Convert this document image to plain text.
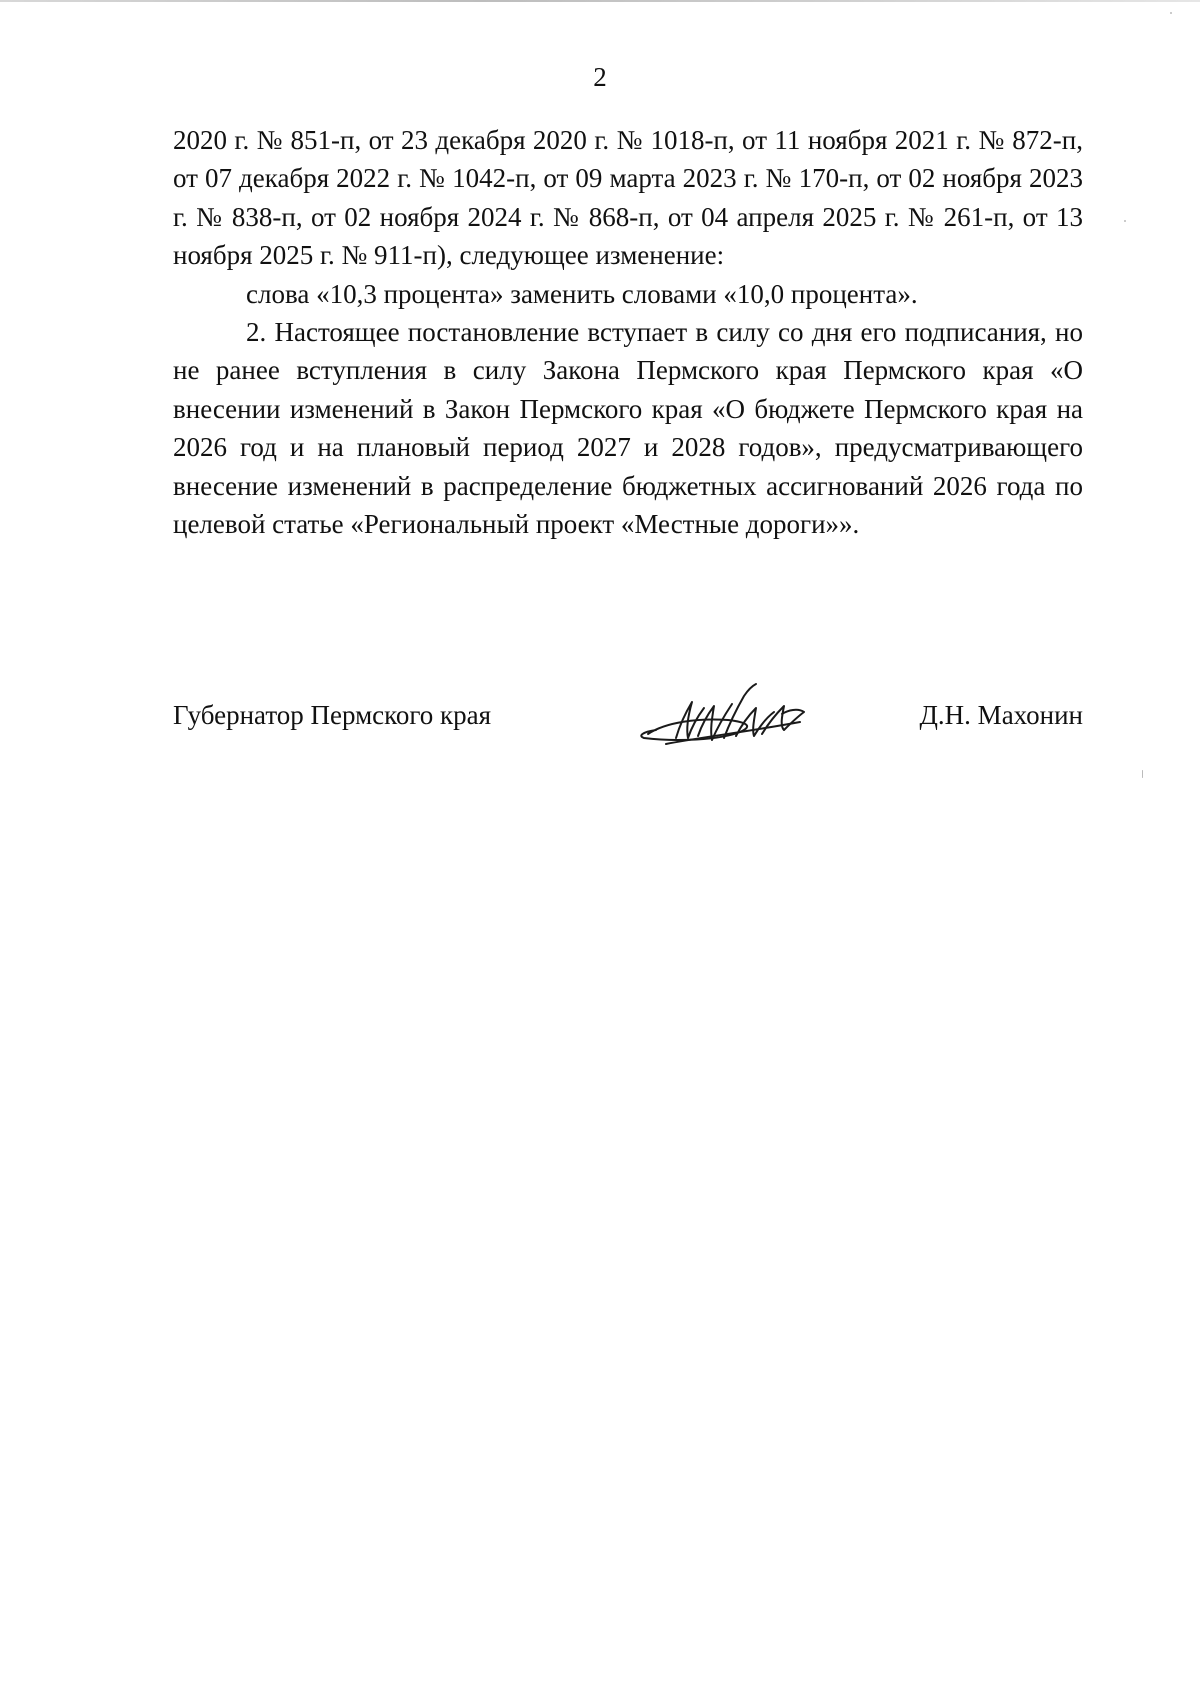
2

2020 г. № 851-п, от 23 декабря 2020 г. № 1018-п, от 11 ноября 2021 г. № 872-п, от 07 декабря 2022 г. № 1042-п, от 09 марта 2023 г. № 170-п, от 02 ноября 2023 г. № 838-п, от 02 ноября 2024 г. № 868-п, от 04 апреля 2025 г. № 261-п, от 13 ноября 2025 г. № 911-п), следующее изменение:

слова «10,3 процента» заменить словами «10,0 процента».

2. Настоящее постановление вступает в силу со дня его подписания, но не ранее вступления в силу Закона Пермского края Пермского края «О внесении изменений в Закон Пермского края «О бюджете Пермского края на 2026 год и на плановый период 2027 и 2028 годов», предусматривающего внесение изменений в распределение бюджетных ассигнований 2026 года по целевой статье «Региональный проект «Местные дороги»».

Губернатор Пермского края	Д.Н. Махонин
